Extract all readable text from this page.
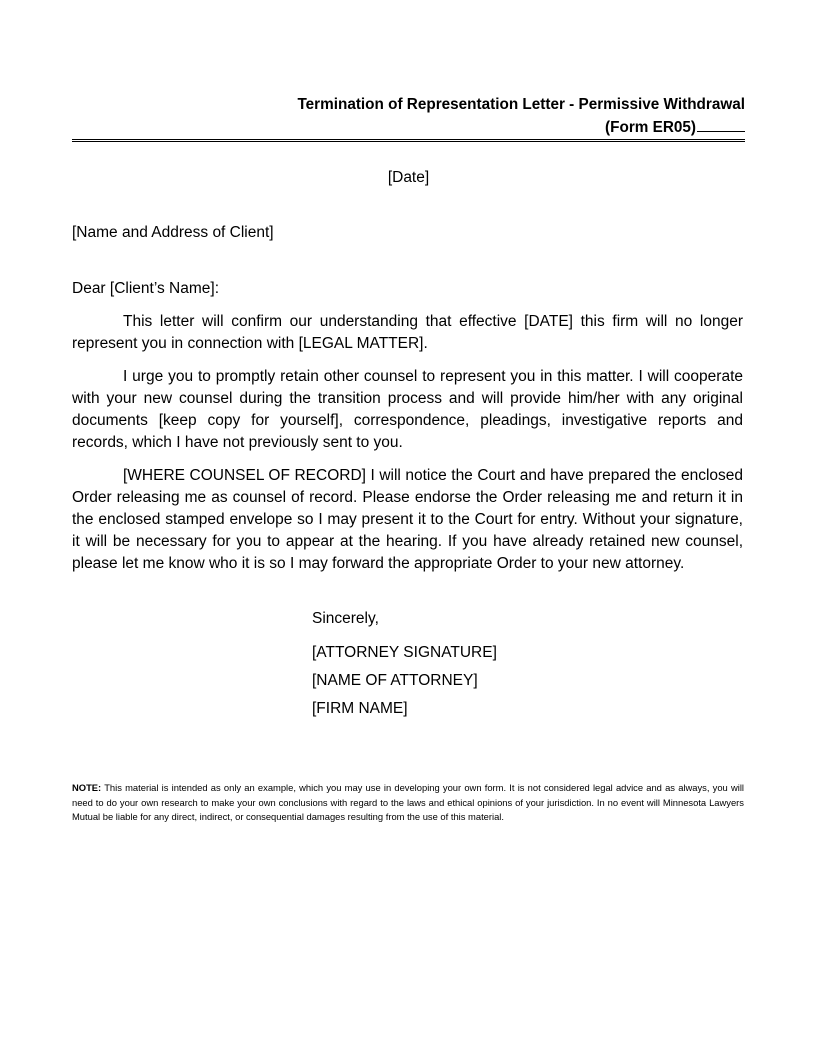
Termination of Representation Letter - Permissive Withdrawal
(Form ER05)
[Date]
[Name and Address of Client]
Dear [Client’s Name]:

This letter will confirm our understanding that effective [DATE] this firm will no longer represent you in connection with [LEGAL MATTER].

I urge you to promptly retain other counsel to represent you in this matter. I will cooperate with your new counsel during the transition process and will provide him/her with any original documents [keep copy for yourself], correspondence, pleadings, investigative reports and records, which I have not previously sent to you.

[WHERE COUNSEL OF RECORD] I will notice the Court and have prepared the enclosed Order releasing me as counsel of record. Please endorse the Order releasing me and return it in the enclosed stamped envelope so I may present it to the Court for entry. Without your signature, it will be necessary for you to appear at the hearing. If you have already retained new counsel, please let me know who it is so I may forward the appropriate Order to your new attorney.

Sincerely,
[ATTORNEY SIGNATURE]
[NAME OF ATTORNEY]
[FIRM NAME]
NOTE: This material is intended as only an example, which you may use in developing your own form. It is not considered legal advice and as always, you will need to do your own research to make your own conclusions with regard to the laws and ethical opinions of your jurisdiction. In no event will Minnesota Lawyers Mutual be liable for any direct, indirect, or consequential damages resulting from the use of this material.
